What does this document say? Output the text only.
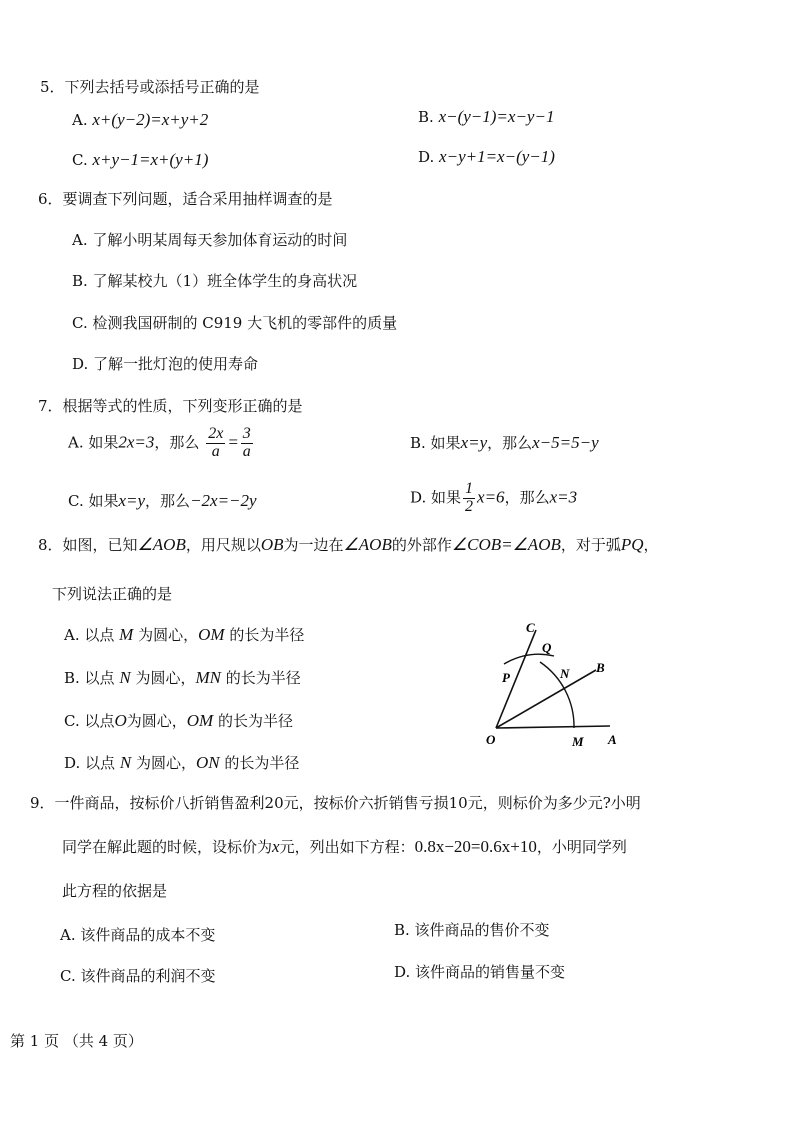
5．下列去括号或添括号正确的是
A. x+(y−2)=x+y+2	B. x−(y−1)=x−y−1
C. x+y−1=x+(y+1)	D. x−y+1=x−(y−1)
6．要调查下列问题，适合采用抽样调查的是
A. 了解小明某周每天参加体育运动的时间
B. 了解某校九（1）班全体学生的身高状况
C. 检测我国研制的 C919 大飞机的零部件的质量
D. 了解一批灯泡的使用寿命
7．根据等式的性质，下列变形正确的是
A. 如果2x=3，那么 $\frac{2x}{a} = \frac{3}{a}$	B. 如果x=y，那么x−5=5−y
C. 如果x=y，那么−2x=−2y	D. 如果 $\frac{1}{2} x=6$，那么x=3
8．如图，已知∠AOB，用尺规以OB为一边在∠AOB的外部作∠COB=∠AOB，对于弧PQ，
下列说法正确的是
A. 以点 M 为圆心，OM 的长为半径
B. 以点 N 为圆心，MN 的长为半径
C. 以点O为圆心，OM 的长为半径
D. 以点 N 为圆心，ON 的长为半径
C
Q
B
P	N
O	M A
9．一件商品，按标价八折销售盈利20元，按标价六折销售亏损10元，则标价为多少元?小明
同学在解此题的时候，设标价为x元，列出如下方程：0.8x−20=0.6x+10，小明同学列
此方程的依据是
A. 该件商品的成本不变	B. 该件商品的售价不变
C. 该件商品的利润不变	D. 该件商品的销售量不变
第 1 页 （共 4 页）
